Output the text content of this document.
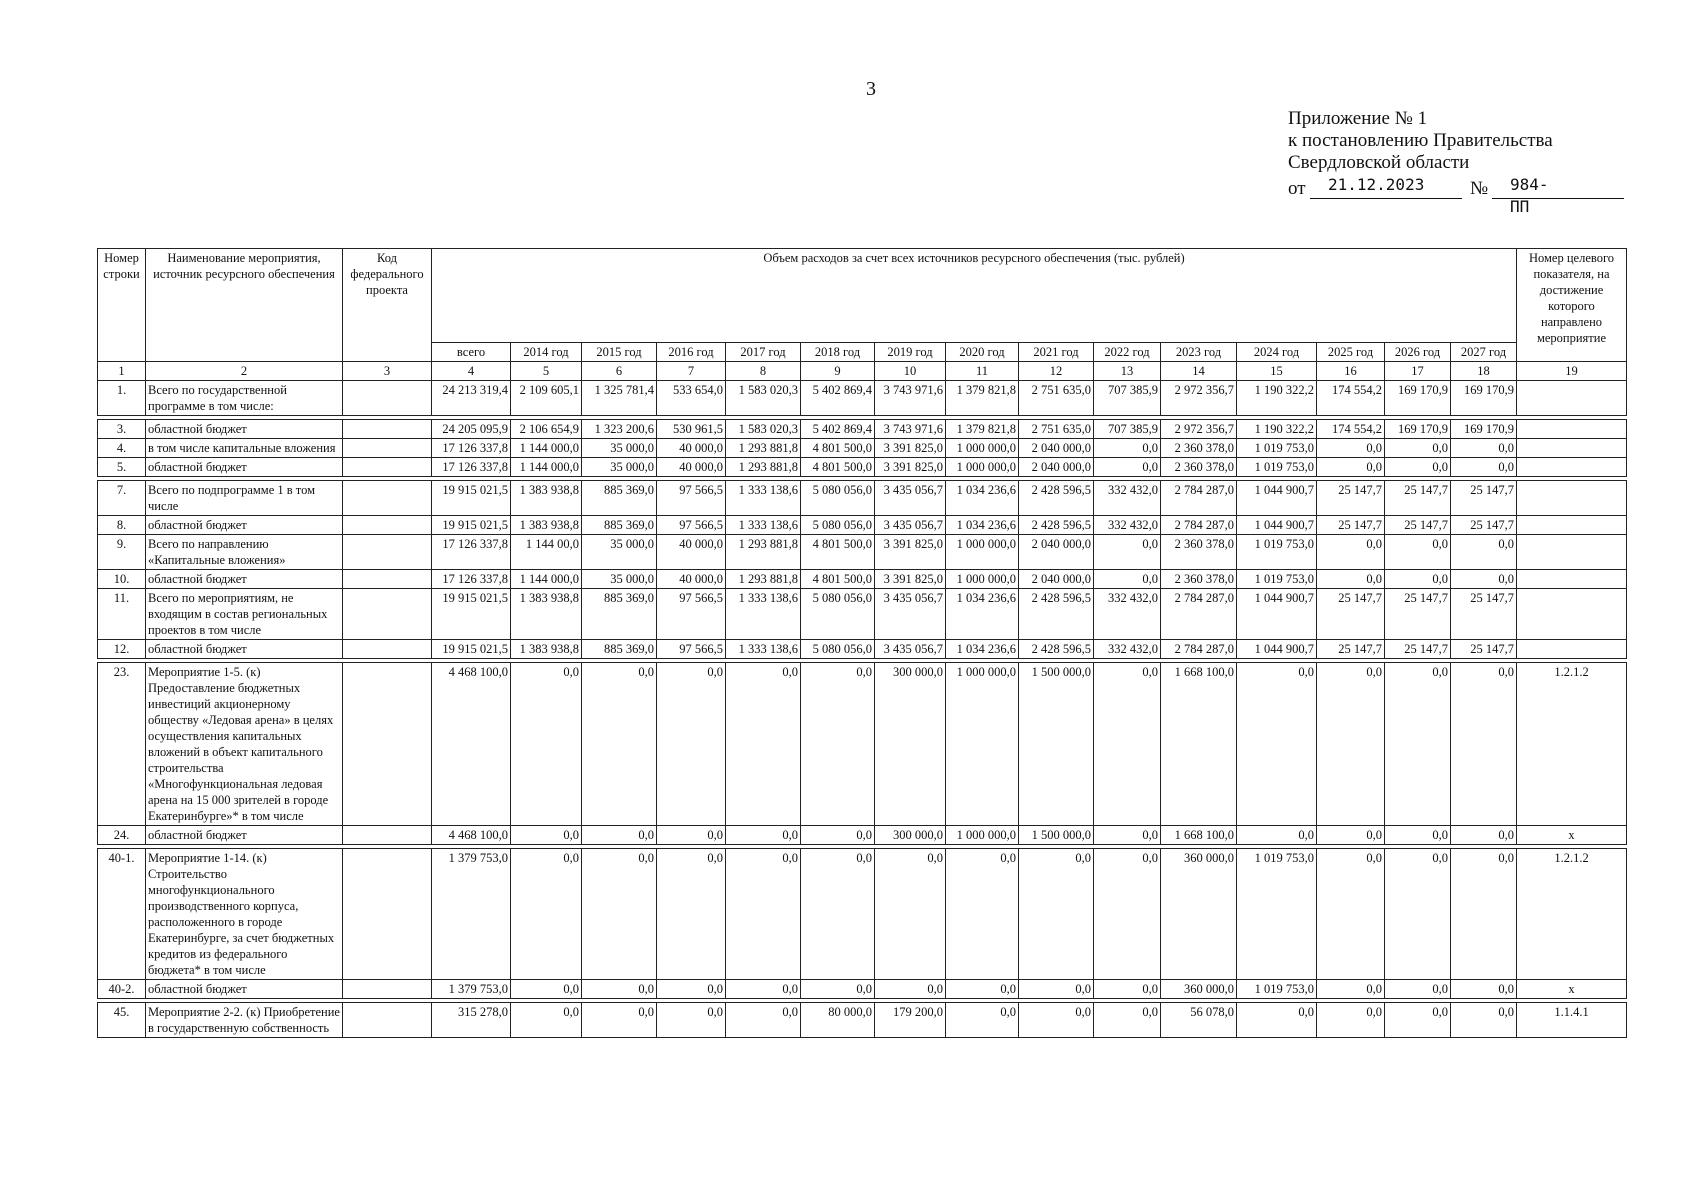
3
Приложение № 1
к постановлению Правительства
Свердловской области
от 21.12.2023 № 984-ПП
Номер строки	Наименование мероприятия, источник ресурсного обеспечения	Код федерального проекта	Объем расходов за счет всех источников ресурсного обеспечения (тыс. рублей)															Номер целевого показателя, на достижение которого направлено мероприятие
			всего	2014 год	2015 год	2016 год	2017 год	2018 год	2019 год	2020 год	2021 год	2022 год	2023 год	2024 год	2025 год	2026 год	2027 год	
1	2	3	4	5	6	7	8	9	10	11	12	13	14	15	16	17	18	19
1.	Всего по государственной программе в том числе:		24 213 319,4	2 109 605,1	1 325 781,4	533 654,0	1 583 020,3	5 402 869,4	3 743 971,6	1 379 821,8	2 751 635,0	707 385,9	2 972 356,7	1 190 322,2	174 554,2	169 170,9	169 170,9	

3.	областной бюджет		24 205 095,9	2 106 654,9	1 323 200,6	530 961,5	1 583 020,3	5 402 869,4	3 743 971,6	1 379 821,8	2 751 635,0	707 385,9	2 972 356,7	1 190 322,2	174 554,2	169 170,9	169 170,9	
4.	в том числе капитальные вложения		17 126 337,8	1 144 000,0	35 000,0	40 000,0	1 293 881,8	4 801 500,0	3 391 825,0	1 000 000,0	2 040 000,0	0,0	2 360 378,0	1 019 753,0	0,0	0,0	0,0	
5.	областной бюджет		17 126 337,8	1 144 000,0	35 000,0	40 000,0	1 293 881,8	4 801 500,0	3 391 825,0	1 000 000,0	2 040 000,0	0,0	2 360 378,0	1 019 753,0	0,0	0,0	0,0	

7.	Всего по подпрограмме 1 в том числе		19 915 021,5	1 383 938,8	885 369,0	97 566,5	1 333 138,6	5 080 056,0	3 435 056,7	1 034 236,6	2 428 596,5	332 432,0	2 784 287,0	1 044 900,7	25 147,7	25 147,7	25 147,7	
8.	областной бюджет		19 915 021,5	1 383 938,8	885 369,0	97 566,5	1 333 138,6	5 080 056,0	3 435 056,7	1 034 236,6	2 428 596,5	332 432,0	2 784 287,0	1 044 900,7	25 147,7	25 147,7	25 147,7	
9.	Всего по направлению «Капитальные вложения»		17 126 337,8	1 144 00,0	35 000,0	40 000,0	1 293 881,8	4 801 500,0	3 391 825,0	1 000 000,0	2 040 000,0	0,0	2 360 378,0	1 019 753,0	0,0	0,0	0,0	
10.	областной бюджет		17 126 337,8	1 144 000,0	35 000,0	40 000,0	1 293 881,8	4 801 500,0	3 391 825,0	1 000 000,0	2 040 000,0	0,0	2 360 378,0	1 019 753,0	0,0	0,0	0,0	
11.	Всего по мероприятиям, не входящим в состав региональных проектов в том числе		19 915 021,5	1 383 938,8	885 369,0	97 566,5	1 333 138,6	5 080 056,0	3 435 056,7	1 034 236,6	2 428 596,5	332 432,0	2 784 287,0	1 044 900,7	25 147,7	25 147,7	25 147,7	
12.	областной бюджет		19 915 021,5	1 383 938,8	885 369,0	97 566,5	1 333 138,6	5 080 056,0	3 435 056,7	1 034 236,6	2 428 596,5	332 432,0	2 784 287,0	1 044 900,7	25 147,7	25 147,7	25 147,7	

23.	Мероприятие 1-5. (к) Предоставление бюджетных инвестиций акционерному обществу «Ледовая арена» в целях осуществления капитальных вложений в объект капитального строительства «Многофункциональная ледовая арена на 15 000 зрителей в городе Екатеринбурге»* в том числе		4 468 100,0	0,0	0,0	0,0	0,0	0,0	300 000,0	1 000 000,0	1 500 000,0	0,0	1 668 100,0	0,0	0,0	0,0	0,0	1.2.1.2
24.	областной бюджет		4 468 100,0	0,0	0,0	0,0	0,0	0,0	300 000,0	1 000 000,0	1 500 000,0	0,0	1 668 100,0	0,0	0,0	0,0	0,0	x

40-1.	Мероприятие 1-14. (к) Строительство многофункционального производственного корпуса, расположенного в городе Екатеринбурге, за счет бюджетных кредитов из федерального бюджета* в том числе		1 379 753,0	0,0	0,0	0,0	0,0	0,0	0,0	0,0	0,0	0,0	360 000,0	1 019 753,0	0,0	0,0	0,0	1.2.1.2
40-2.	областной бюджет		1 379 753,0	0,0	0,0	0,0	0,0	0,0	0,0	0,0	0,0	0,0	360 000,0	1 019 753,0	0,0	0,0	0,0	x

45.	Мероприятие 2-2. (к) Приобретение в государственную собственность		315 278,0	0,0	0,0	0,0	0,0	80 000,0	179 200,0	0,0	0,0	0,0	56 078,0	0,0	0,0	0,0	0,0	1.1.4.1
